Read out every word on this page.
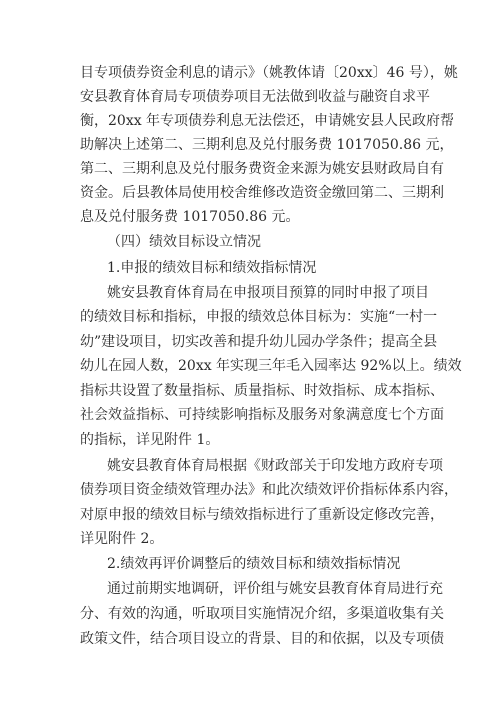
目专项债券资金利息的请示》（姚教体请〔20xx〕46 号），姚
安县教育体育局专项债券项目无法做到收益与融资自求平
衡，20xx 年专项债券利息无法偿还，申请姚安县人民政府帮
助解决上述第二、三期利息及兑付服务费 1017050.86 元，
第二、三期利息及兑付服务费资金来源为姚安县财政局自有
资金。后县教体局使用校舍维修改造资金缴回第二、三期利
息及兑付服务费 1017050.86 元。
（四）绩效目标设立情况
1.申报的绩效目标和绩效指标情况
姚安县教育体育局在申报项目预算的同时申报了项目
的绩效目标和指标，申报的绩效总体目标为：实施“一村一
幼”建设项目，切实改善和提升幼儿园办学条件；提高全县
幼儿在园人数，20xx 年实现三年毛入园率达 92%以上。绩效
指标共设置了数量指标、质量指标、时效指标、成本指标、
社会效益指标、可持续影响指标及服务对象满意度七个方面
的指标，详见附件 1。
姚安县教育体育局根据《财政部关于印发地方政府专项
债券项目资金绩效管理办法》和此次绩效评价指标体系内容，
对原申报的绩效目标与绩效指标进行了重新设定修改完善，
详见附件 2。
2.绩效再评价调整后的绩效目标和绩效指标情况
通过前期实地调研，评价组与姚安县教育体育局进行充
分、有效的沟通，听取项目实施情况介绍，多渠道收集有关
政策文件，结合项目设立的背景、目的和依据，以及专项债
